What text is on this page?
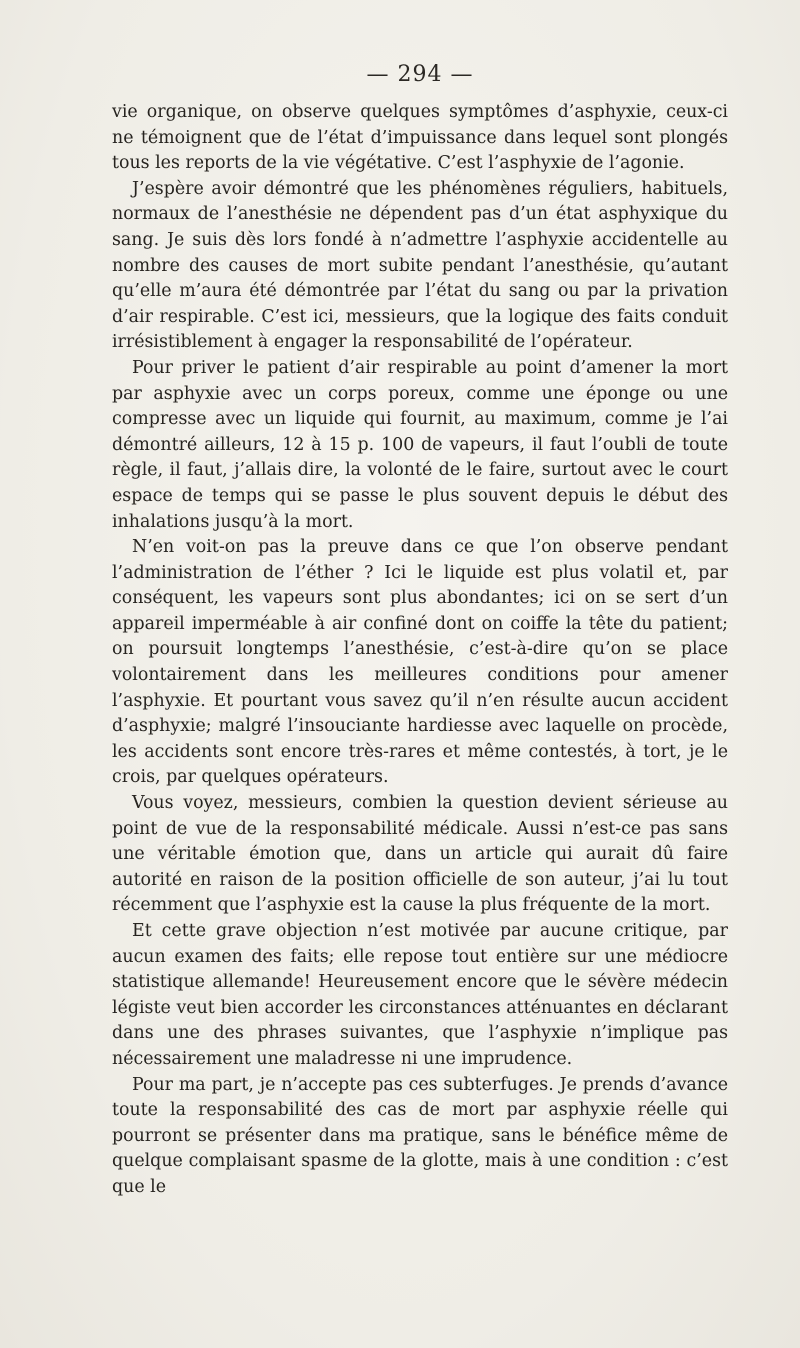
— 294 —

vie organique, on observe quelques symptômes d’asphyxie, ceux-ci ne témoignent que de l’état d’impuissance dans lequel sont plongés tous les reports de la vie végétative. C’est l’asphyxie de l’agonie.

J’espère avoir démontré que les phénomènes réguliers, habituels, normaux de l’anesthésie ne dépendent pas d’un état asphyxique du sang. Je suis dès lors fondé à n’admettre l’asphyxie accidentelle au nombre des causes de mort subite pendant l’anesthésie, qu’autant qu’elle m’aura été démontrée par l’état du sang ou par la privation d’air respirable. C’est ici, messieurs, que la logique des faits conduit irrésistiblement à engager la responsabilité de l’opérateur.

Pour priver le patient d’air respirable au point d’amener la mort par asphyxie avec un corps poreux, comme une éponge ou une compresse avec un liquide qui fournit, au maximum, comme je l’ai démontré ailleurs, 12 à 15 p. 100 de vapeurs, il faut l’oubli de toute règle, il faut, j’allais dire, la volonté de le faire, surtout avec le court espace de temps qui se passe le plus souvent depuis le début des inhalations jusqu’à la mort.

N’en voit-on pas la preuve dans ce que l’on observe pendant l’administration de l’éther ? Ici le liquide est plus volatil et, par conséquent, les vapeurs sont plus abondantes; ici on se sert d’un appareil imperméable à air confiné dont on coiffe la tête du patient; on poursuit longtemps l’anesthésie, c’est-à-dire qu’on se place volontairement dans les meilleures conditions pour amener l’asphyxie. Et pourtant vous savez qu’il n’en résulte aucun accident d’asphyxie; malgré l’insouciante hardiesse avec laquelle on procède, les accidents sont encore très-rares et même contestés, à tort, je le crois, par quelques opérateurs.

Vous voyez, messieurs, combien la question devient sérieuse au point de vue de la responsabilité médicale. Aussi n’est-ce pas sans une véritable émotion que, dans un article qui aurait dû faire autorité en raison de la position officielle de son auteur, j’ai lu tout récemment que l’asphyxie est la cause la plus fréquente de la mort.

Et cette grave objection n’est motivée par aucune critique, par aucun examen des faits; elle repose tout entière sur une médiocre statistique allemande! Heureusement encore que le sévère médecin légiste veut bien accorder les circonstances atténuantes en déclarant dans une des phrases suivantes, que l’asphyxie n’implique pas nécessairement une maladresse ni une imprudence.

Pour ma part, je n’accepte pas ces subterfuges. Je prends d’avance toute la responsabilité des cas de mort par asphyxie réelle qui pourront se présenter dans ma pratique, sans le bénéfice même de quelque complaisant spasme de la glotte, mais à une condition : c’est que le
